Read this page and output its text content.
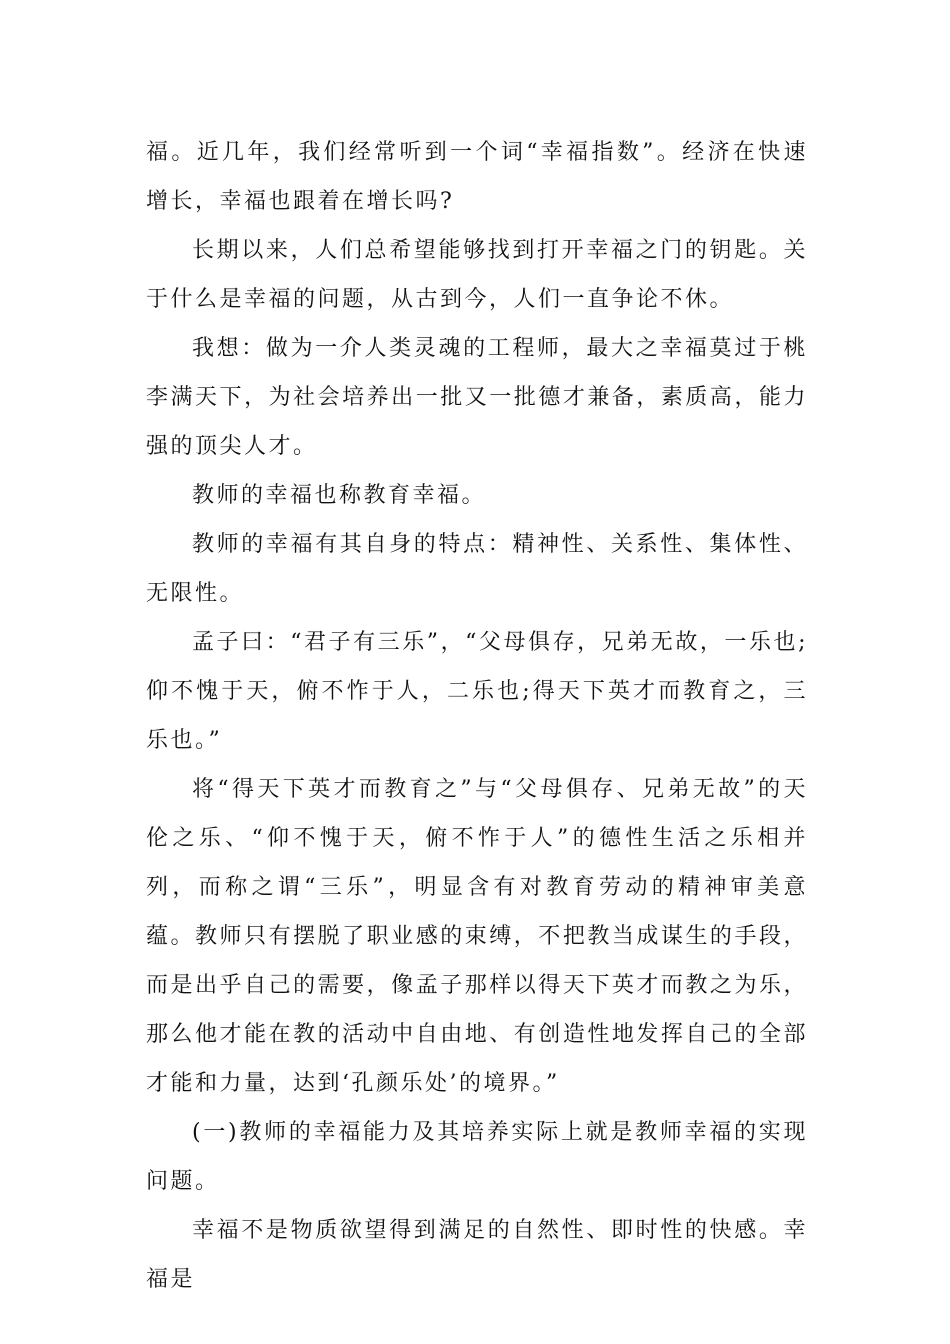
福。近几年，我们经常听到一个词“幸福指数”。经济在快速增长，幸福也跟着在增长吗?

长期以来，人们总希望能够找到打开幸福之门的钥匙。关于什么是幸福的问题，从古到今，人们一直争论不休。

我想：做为一介人类灵魂的工程师，最大之幸福莫过于桃李满天下，为社会培养出一批又一批德才兼备，素质高，能力强的顶尖人才。

教师的幸福也称教育幸福。

教师的幸福有其自身的特点：精神性、关系性、集体性、无限性。

孟子曰：“君子有三乐”，“父母俱存，兄弟无故，一乐也;仰不愧于天，俯不怍于人，二乐也;得天下英才而教育之，三乐也。”

将“得天下英才而教育之”与“父母俱存、兄弟无故”的天伦之乐、“仰不愧于天，俯不怍于人”的德性生活之乐相并列，而称之谓“三乐”，明显含有对教育劳动的精神审美意蕴。教师只有摆脱了职业感的束缚，不把教当成谋生的手段，而是出乎自己的需要，像孟子那样以得天下英才而教之为乐，那么他才能在教的活动中自由地、有创造性地发挥自己的全部才能和力量，达到‘孔颜乐处’的境界。”

(一)教师的幸福能力及其培养实际上就是教师幸福的实现问题。

幸福不是物质欲望得到满足的自然性、即时性的快感。幸福是
